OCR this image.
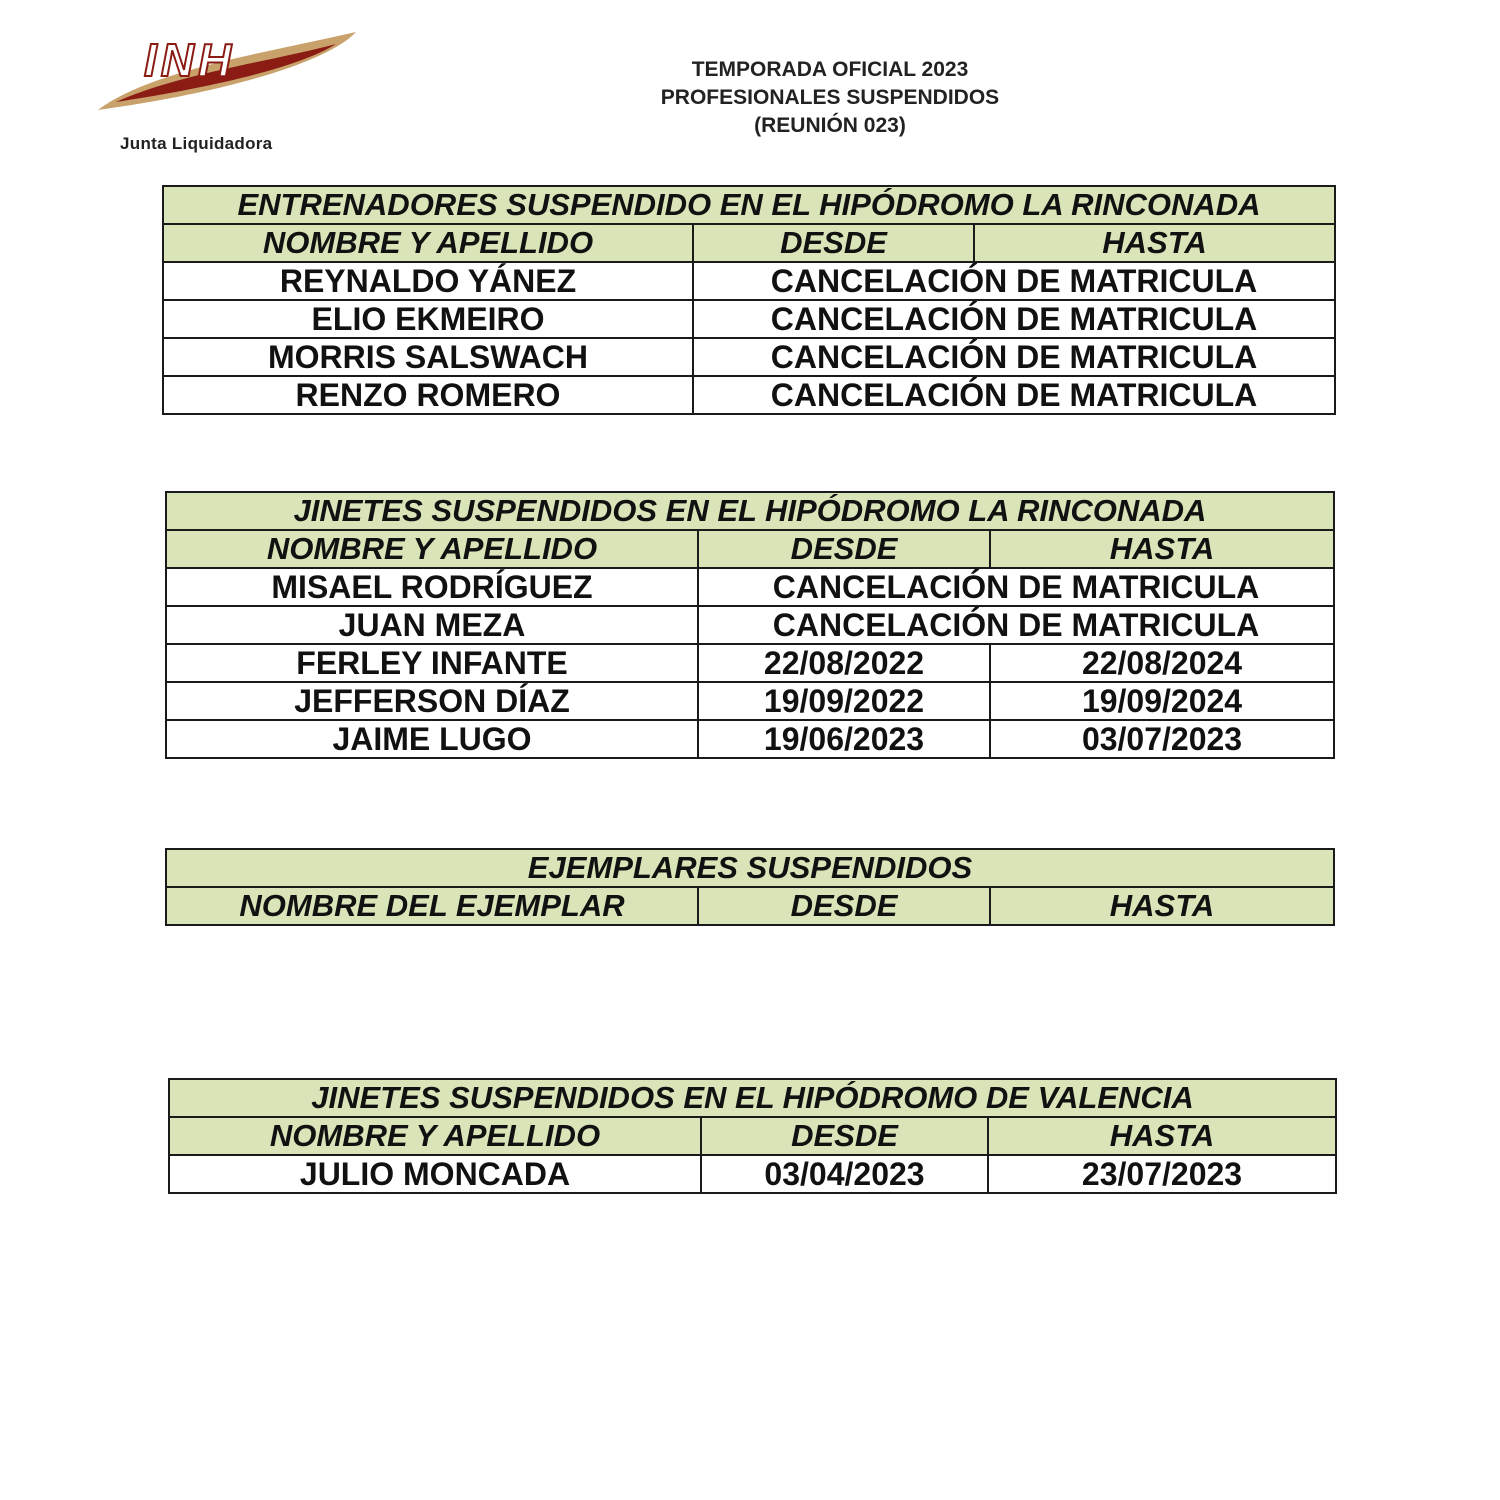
INH
Junta Liquidadora
TEMPORADA OFICIAL 2023
PROFESIONALES SUSPENDIDOS
(REUNIÓN 023)
ENTRENADORES SUSPENDIDO EN EL HIPÓDROMO LA RINCONADA		
NOMBRE Y APELLIDO	DESDE	HASTA
REYNALDO YÁNEZ	CANCELACIÓN DE MATRICULA	
ELIO EKMEIRO	CANCELACIÓN DE MATRICULA	
MORRIS SALSWACH	CANCELACIÓN DE MATRICULA	
RENZO ROMERO	CANCELACIÓN DE MATRICULA	
JINETES SUSPENDIDOS EN EL HIPÓDROMO LA RINCONADA		
NOMBRE Y APELLIDO	DESDE	HASTA
MISAEL RODRÍGUEZ	CANCELACIÓN DE MATRICULA	
JUAN MEZA	CANCELACIÓN DE MATRICULA	
FERLEY INFANTE	22/08/2022	22/08/2024
JEFFERSON DÍAZ	19/09/2022	19/09/2024
JAIME LUGO	19/06/2023	03/07/2023
EJEMPLARES SUSPENDIDOS
NOMBRE DEL EJEMPLAR	DESDE	HASTA
JINETES SUSPENDIDOS EN EL HIPÓDROMO DE VALENCIA		
NOMBRE Y APELLIDO	DESDE	HASTA
JULIO MONCADA	03/04/2023	23/07/2023
